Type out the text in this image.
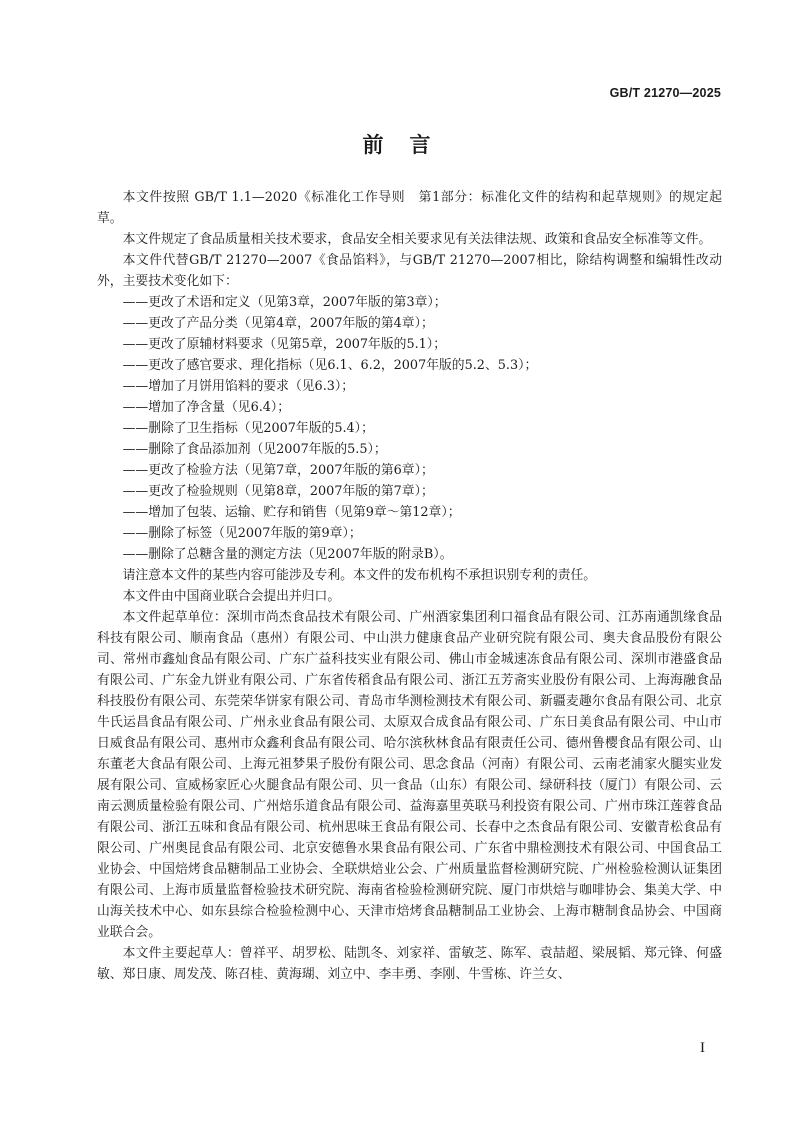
GB/T 21270—2025
前言

本文件按照 GB/T 1.1—2020《标准化工作导则　第1部分：标准化文件的结构和起草规则》的规定起草。

本文件规定了食品质量相关技术要求，食品安全相关要求见有关法律法规、政策和食品安全标准等文件。

本文件代替GB/T 21270—2007《食品馅料》，与GB/T 21270—2007相比，除结构调整和编辑性改动外，主要技术变化如下：

——更改了术语和定义（见第3章，2007年版的第3章）；
——更改了产品分类（见第4章，2007年版的第4章）；
——更改了原辅材料要求（见第5章，2007年版的5.1）；
——更改了感官要求、理化指标（见6.1、6.2，2007年版的5.2、5.3）；
——增加了月饼用馅料的要求（见6.3）；
——增加了净含量（见6.4）；
——删除了卫生指标（见2007年版的5.4）；
——删除了食品添加剂（见2007年版的5.5）；
——更改了检验方法（见第7章，2007年版的第6章）；
——更改了检验规则（见第8章，2007年版的第7章）；
——增加了包装、运输、贮存和销售（见第9章～第12章）；
——删除了标签（见2007年版的第9章）；
——删除了总糖含量的测定方法（见2007年版的附录B）。

请注意本文件的某些内容可能涉及专利。本文件的发布机构不承担识别专利的责任。

本文件由中国商业联合会提出并归口。

本文件起草单位：深圳市尚杰食品技术有限公司、广州酒家集团利口福食品有限公司、江苏南通凯缘食品科技有限公司、顺南食品（惠州）有限公司、中山洪力健康食品产业研究院有限公司、奥夫食品股份有限公司、常州市鑫灿食品有限公司、广东广益科技实业有限公司、佛山市金城速冻食品有限公司、深圳市港盛食品有限公司、广东金九饼业有限公司、广东省传稻食品有限公司、浙江五芳斋实业股份有限公司、上海海融食品科技股份有限公司、东莞荣华饼家有限公司、青岛市华测检测技术有限公司、新疆麦趣尔食品有限公司、北京牛氏运昌食品有限公司、广州永业食品有限公司、太原双合成食品有限公司、广东日美食品有限公司、中山市日威食品有限公司、惠州市众鑫利食品有限公司、哈尔滨秋林食品有限责任公司、德州鲁樱食品有限公司、山东董老大食品有限公司、上海元祖梦果子股份有限公司、思念食品（河南）有限公司、云南老浦家火腿实业发展有限公司、宣威杨家匠心火腿食品有限公司、贝一食品（山东）有限公司、绿研科技（厦门）有限公司、云南云测质量检验有限公司、广州焙乐道食品有限公司、益海嘉里英联马利投资有限公司、广州市珠江莲蓉食品有限公司、浙江五味和食品有限公司、杭州思味王食品有限公司、长春中之杰食品有限公司、安徽青松食品有限公司、广州奥昆食品有限公司、北京安德鲁水果食品有限公司、广东省中鼎检测技术有限公司、中国食品工业协会、中国焙烤食品糖制品工业协会、全联烘焙业公会、广州质量监督检测研究院、广州检验检测认证集团有限公司、上海市质量监督检验技术研究院、海南省检验检测研究院、厦门市烘焙与咖啡协会、集美大学、中山海关技术中心、如东县综合检验检测中心、天津市焙烤食品糖制品工业协会、上海市糖制食品协会、中国商业联合会。

本文件主要起草人：曾祥平、胡罗松、陆凯冬、刘家祥、雷敏芝、陈军、袁喆超、梁展韬、郑元锋、何盛敏、郑日康、周发茂、陈召桂、黄海瑚、刘立中、李丰勇、李刚、牛雪栋、许兰女、

I
